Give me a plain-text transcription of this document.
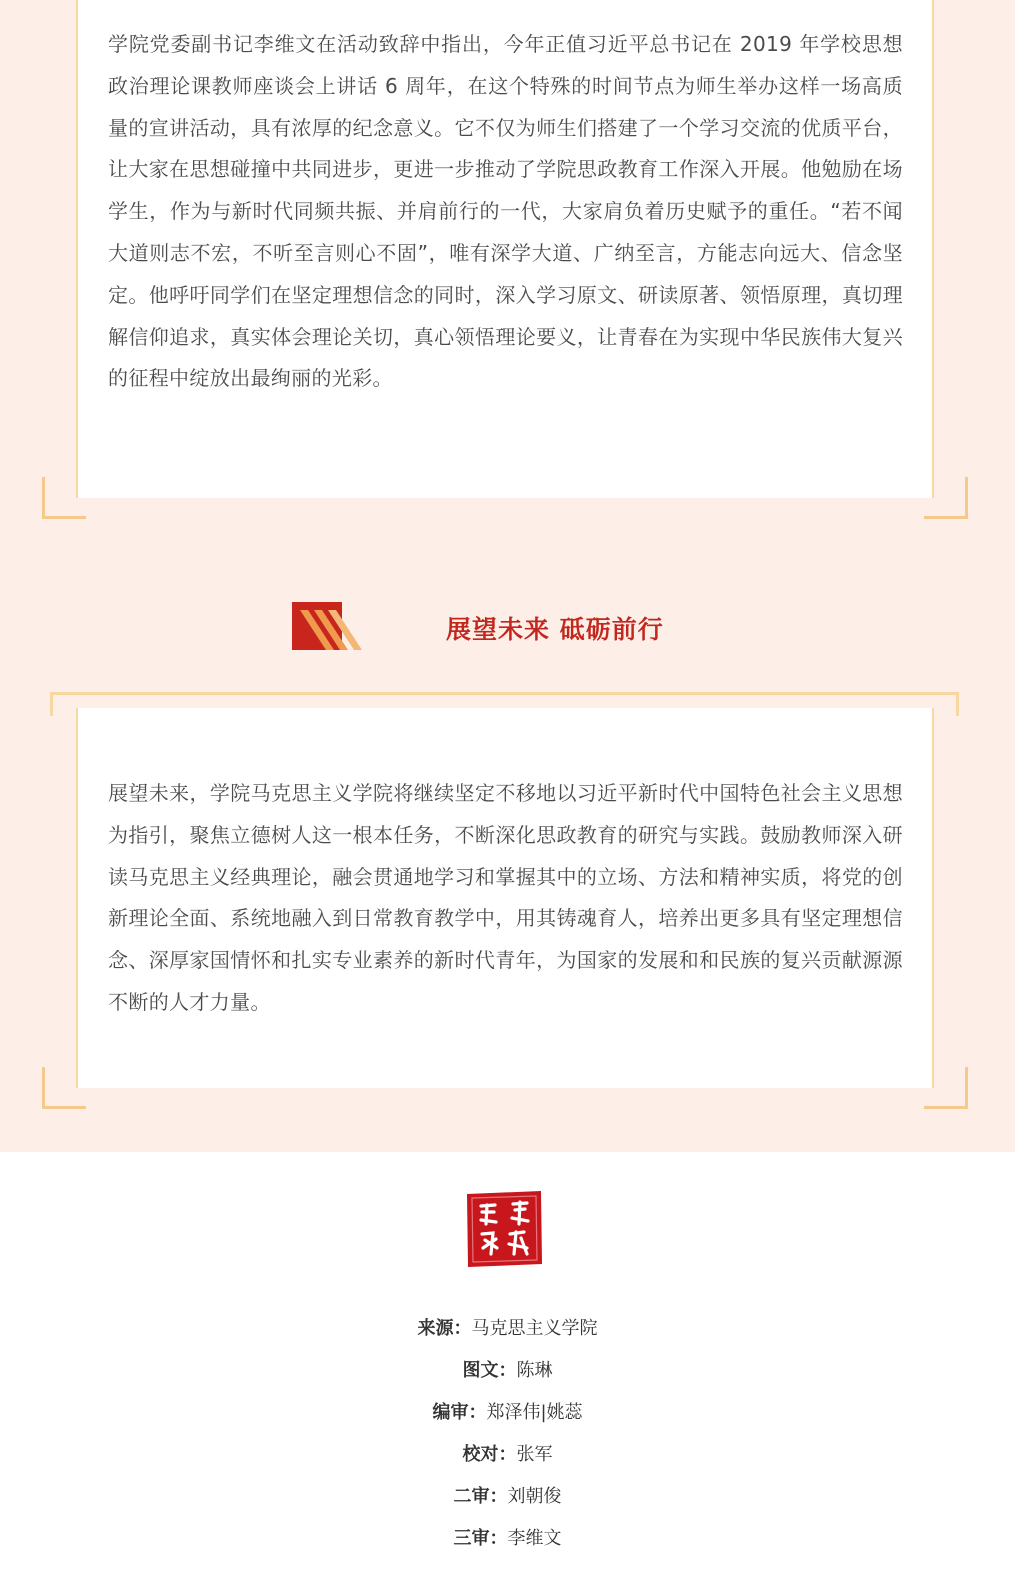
学院党委副书记李维文在活动致辞中指出，今年正值习近平总书记在 2019 年学校思想政治理论课教师座谈会上讲话 6 周年，在这个特殊的时间节点为师生举办这样一场高质量的宣讲活动，具有浓厚的纪念意义。它不仅为师生们搭建了一个学习交流的优质平台，让大家在思想碰撞中共同进步，更进一步推动了学院思政教育工作深入开展。他勉励在场学生，作为与新时代同频共振、并肩前行的一代，大家肩负着历史赋予的重任。“若不闻大道则志不宏，不听至言则心不固”，唯有深学大道、广纳至言，方能志向远大、信念坚定。他呼吁同学们在坚定理想信念的同时，深入学习原文、研读原著、领悟原理，真切理解信仰追求，真实体会理论关切，真心领悟理论要义，让青春在为实现中华民族伟大复兴的征程中绽放出最绚丽的光彩。

展望未来 砥砺前行

展望未来，学院马克思主义学院将继续坚定不移地以习近平新时代中国特色社会主义思想为指引，聚焦立德树人这一根本任务，不断深化思政教育的研究与实践。鼓励教师深入研读马克思主义经典理论，融会贯通地学习和掌握其中的立场、方法和精神实质，将党的创新理论全面、系统地融入到日常教育教学中，用其铸魂育人，培养出更多具有坚定理想信念、深厚家国情怀和扎实专业素养的新时代青年，为国家的发展和和民族的复兴贡献源源不断的人才力量。

来源：马克思主义学院
图文：陈琳
编审：郑泽伟|姚蕊
校对：张军
二审：刘朝俊
三审：李维文
